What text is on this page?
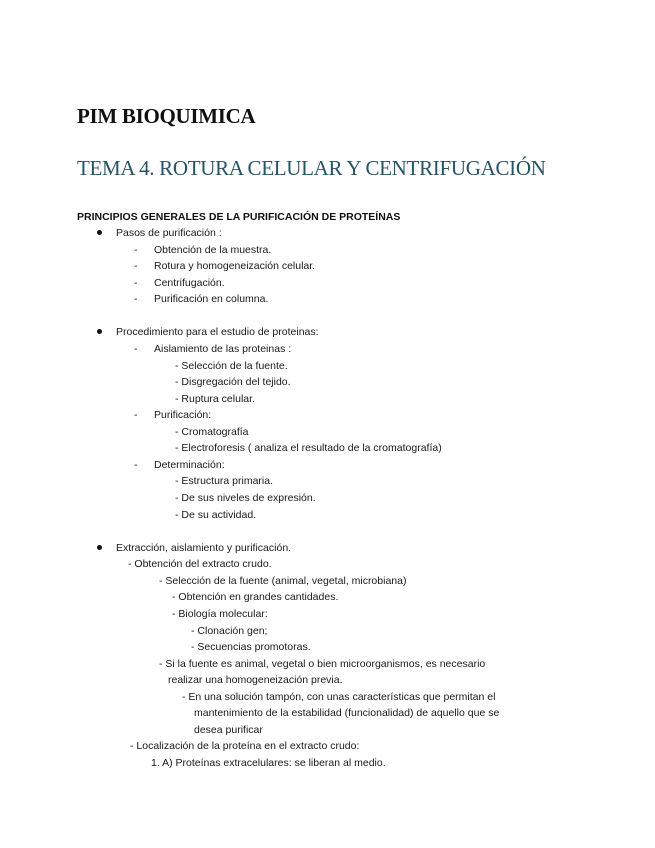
PIM BIOQUIMICA
TEMA 4. ROTURA CELULAR Y CENTRIFUGACIÓN
PRINCIPIOS GENERALES DE LA PURIFICACIÓN DE PROTEÍNAS
Pasos de purificación :
- Obtención de la muestra.
- Rotura y homogeneización celular.
- Centrifugación.
- Purificación en columna.
Procedimiento para el estudio de proteinas:
- Aislamiento de las proteinas :
- Selección de la fuente.
- Disgregación del tejido.
- Ruptura celular.
- Purificación:
- Cromatografía
- Electroforesis ( analiza el resultado de la cromatografía)
- Determinación:
- Estructura primaria.
- De sus niveles de expresión.
- De su actividad.
Extracción, aislamiento y purificación.
- Obtención del extracto crudo.
- Selección de la fuente (animal, vegetal, microbiana)
- Obtención en grandes cantidades.
- Biología molecular:
- Clonación gen;
- Secuencias promotoras.
- Si la fuente es animal, vegetal o bien microorganismos, es necesario
realizar una homogeneización previa.
- En una solución tampón, con unas características que permitan el
mantenimiento de la estabilidad (funcionalidad) de aquello que se
desea purificar
- Localización de la proteína en el extracto crudo:
1. A) Proteínas extracelulares: se liberan al medio.
